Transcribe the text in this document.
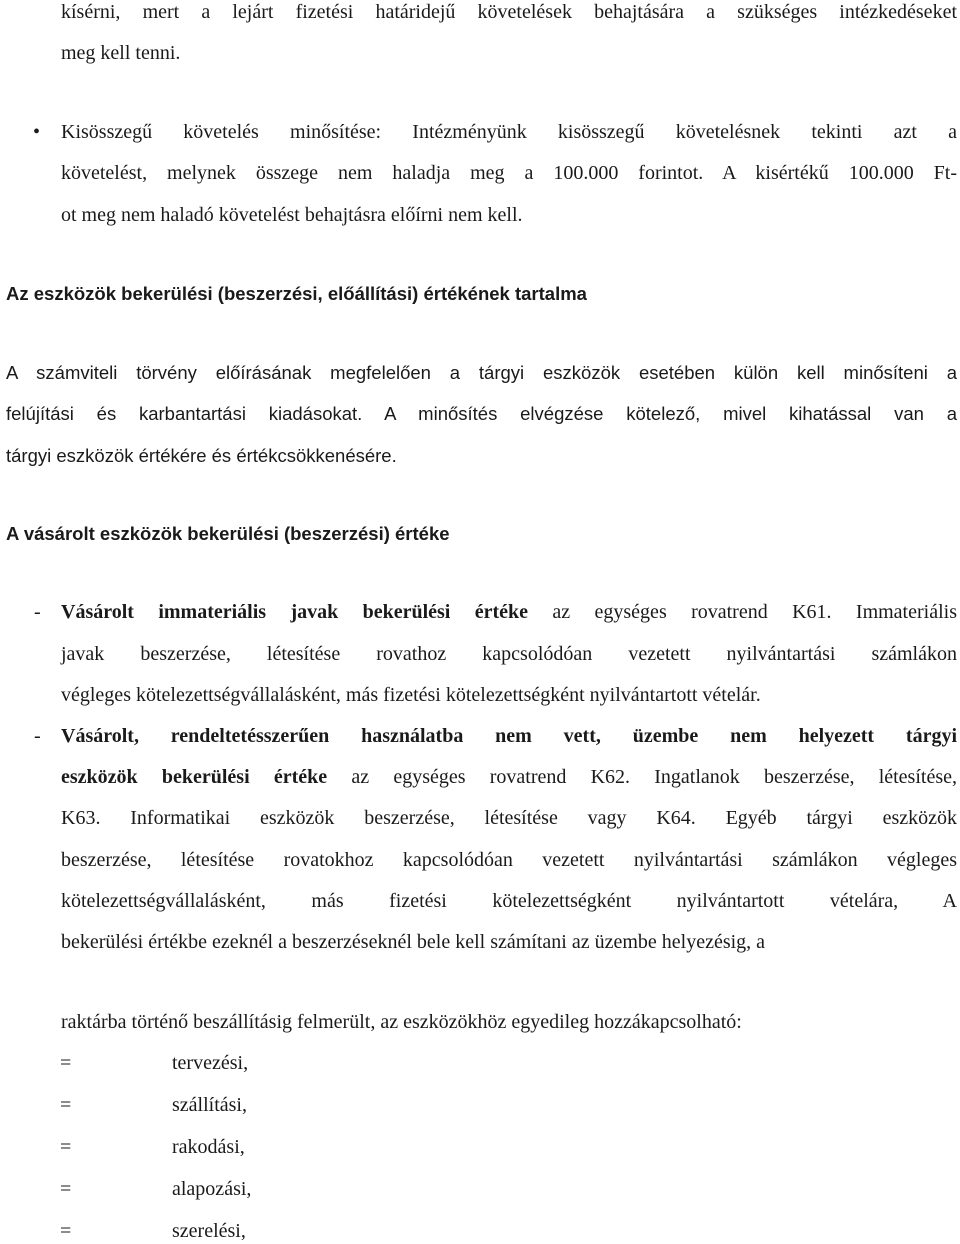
kísérni, mert a lejárt fizetési határidejű követelések behajtására a szükséges intézkedéseket
meg kell tenni.
• Kisösszegű követelés minősítése: Intézményünk kisösszegű követelésnek tekinti azt a
követelést, melynek összege nem haladja meg a 100.000 forintot. A kisértékű 100.000 Ft-
ot meg nem haladó követelést behajtásra előírni nem kell.
Az eszközök bekerülési (beszerzési, előállítási) értékének tartalma
A számviteli törvény előírásának megfelelően a tárgyi eszközök esetében külön kell minősíteni a
felújítási és karbantartási kiadásokat. A minősítés elvégzése kötelező, mivel kihatással van a
tárgyi eszközök értékére és értékcsökkenésére.
A vásárolt eszközök bekerülési (beszerzési) értéke
- Vásárolt immateriális javak bekerülési értéke az egységes rovatrend K61. Immateriális
javak beszerzése, létesítése rovathoz kapcsolódóan vezetett nyilvántartási számlákon
végleges kötelezettségvállalásként, más fizetési kötelezettségként nyilvántartott vételár.
- Vásárolt, rendeltetésszerűen használatba nem vett, üzembe nem helyezett tárgyi
eszközök bekerülési értéke az egységes rovatrend K62. Ingatlanok beszerzése, létesítése,
K63. Informatikai eszközök beszerzése, létesítése vagy K64. Egyéb tárgyi eszközök
beszerzése, létesítése rovatokhoz kapcsolódóan vezetett nyilvántartási számlákon végleges
kötelezettségvállalásként, más fizetési kötelezettségként nyilvántartott vételára, A
bekerülési értékbe ezeknél a beszerzéseknél bele kell számítani az üzembe helyezésig, a
raktárba történő beszállításig felmerült, az eszközökhöz egyedileg hozzákapcsolható:
=	tervezési,
=	szállítási,
=	rakodási,
=	alapozási,
=	szerelési,
